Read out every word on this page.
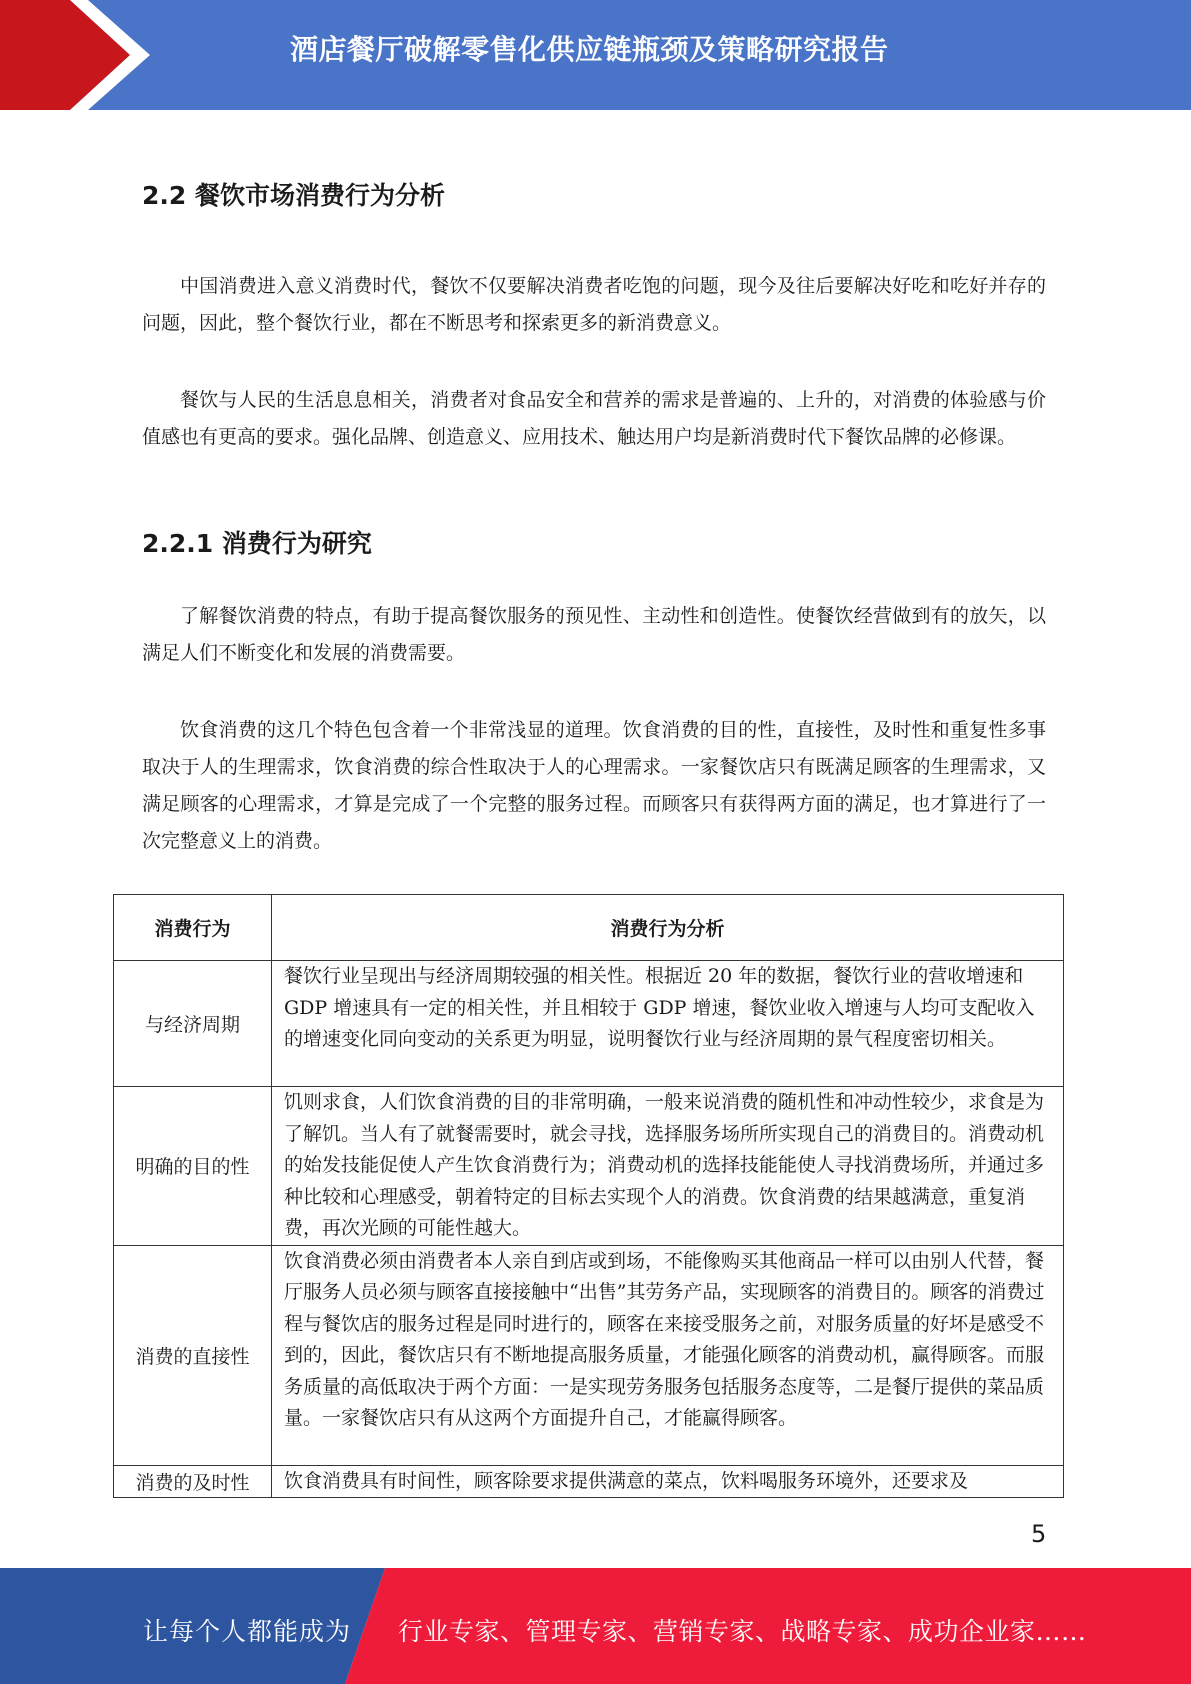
酒店餐厅破解零售化供应链瓶颈及策略研究报告
2.2 餐饮市场消费行为分析

中国消费进入意义消费时代，餐饮不仅要解决消费者吃饱的问题，现今及往后要解决好吃和吃好并存的问题，因此，整个餐饮行业，都在不断思考和探索更多的新消费意义。

餐饮与人民的生活息息相关，消费者对食品安全和营养的需求是普遍的、上升的，对消费的体验感与价值感也有更高的要求。强化品牌、创造意义、应用技术、触达用户均是新消费时代下餐饮品牌的必修课。

2.2.1 消费行为研究

了解餐饮消费的特点，有助于提高餐饮服务的预见性、主动性和创造性。使餐饮经营做到有的放矢，以满足人们不断变化和发展的消费需要。

饮食消费的这几个特色包含着一个非常浅显的道理。饮食消费的目的性，直接性，及时性和重复性多事取决于人的生理需求，饮食消费的综合性取决于人的心理需求。一家餐饮店只有既满足顾客的生理需求，又满足顾客的心理需求，才算是完成了一个完整的服务过程。而顾客只有获得两方面的满足，也才算进行了一次完整意义上的消费。

消费行为	消费行为分析
与经济周期	餐饮行业呈现出与经济周期较强的相关性。根据近 20 年的数据，餐饮行业的营收增速和 GDP 增速具有一定的相关性，并且相较于 GDP 增速，餐饮业收入增速与人均可支配收入的增速变化同向变动的关系更为明显，说明餐饮行业与经济周期的景气程度密切相关。
明确的目的性	饥则求食，人们饮食消费的目的非常明确，一般来说消费的随机性和冲动性较少，求食是为了解饥。当人有了就餐需要时，就会寻找，选择服务场所所实现自己的消费目的。消费动机的始发技能促使人产生饮食消费行为；消费动机的选择技能能使人寻找消费场所，并通过多种比较和心理感受，朝着特定的目标去实现个人的消费。饮食消费的结果越满意，重复消费，再次光顾的可能性越大。
消费的直接性	饮食消费必须由消费者本人亲自到店或到场，不能像购买其他商品一样可以由别人代替，餐厅服务人员必须与顾客直接接触中“出售”其劳务产品，实现顾客的消费目的。顾客的消费过程与餐饮店的服务过程是同时进行的，顾客在来接受服务之前，对服务质量的好坏是感受不到的，因此，餐饮店只有不断地提高服务质量，才能强化顾客的消费动机，赢得顾客。而服务质量的高低取决于两个方面：一是实现劳务服务包括服务态度等，二是餐厅提供的菜品质量。一家餐饮店只有从这两个方面提升自己，才能赢得顾客。
消费的及时性	饮食消费具有时间性，顾客除要求提供满意的菜点，饮料喝服务环境外，还要求及
5
让每个人都能成为 行业专家、管理专家、营销专家、战略专家、成功企业家……
